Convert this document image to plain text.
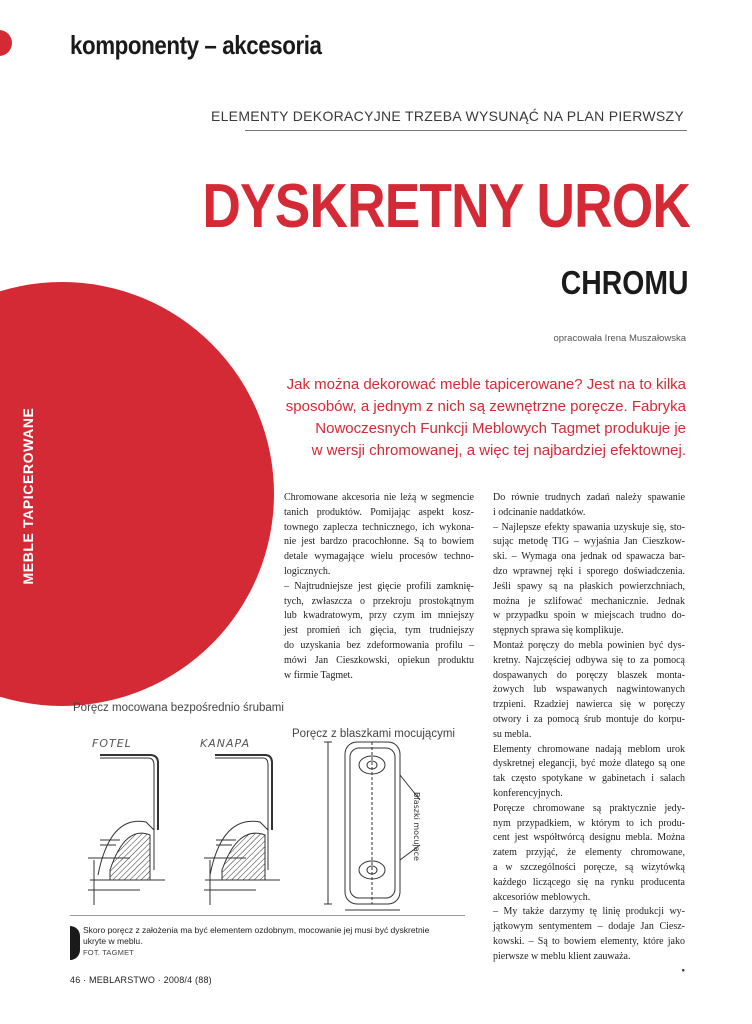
MEBLE TAPICEROWANE
komponenty – akcesoria
ELEMENTY DEKORACYJNE TRZEBA WYSUNĄĆ NA PLAN PIERWSZY
DYSKRETNY UROK
CHROMU
opracowała Irena Muszałowska
Jak można dekorować meble tapicerowane? Jest na to kilka
sposobów, a jednym z nich są zewnętrzne poręcze. Fabryka
Nowoczesnych Funkcji Meblowych Tagmet produkuje je
w wersji chromowanej, a więc tej najbardziej efektownej.
Chromowane akcesoria nie leżą w segmencie
tanich produktów. Pomijając aspekt kosz-
townego zaplecza technicznego, ich wykona-
nie jest bardzo pracochłonne. Są to bowiem
detale wymagające wielu procesów techno-
logicznych.
– Najtrudniejsze jest gięcie profili zamknię-
tych, zwłaszcza o przekroju prostokątnym
lub kwadratowym, przy czym im mniejszy
jest promień ich gięcia, tym trudniejszy
do uzyskania bez zdeformowania profilu –
mówi Jan Cieszkowski, opiekun produktu
w firmie Tagmet.
Do równie trudnych zadań należy spawanie
i odcinanie naddatków.
– Najlepsze efekty spawania uzyskuje się, sto-
sując metodę TIG – wyjaśnia Jan Cieszkow-
ski. – Wymaga ona jednak od spawacza bar-
dzo wprawnej ręki i sporego doświadczenia.
Jeśli spawy są na płaskich powierzchniach,
można je szlifować mechanicznie. Jednak
w przypadku spoin w miejscach trudno do-
stępnych sprawa się komplikuje.
Montaż poręczy do mebla powinien być dys-
kretny. Najczęściej odbywa się to za pomocą
dospawanych do poręczy blaszek monta-
żowych lub wspawanych nagwintowanych
trzpieni. Rzadziej nawierca się w poręczy
otwory i za pomocą śrub montuje do korpu-
su mebla.
Elementy chromowane nadają meblom urok
dyskretnej elegancji, być może dlatego są one
tak często spotykane w gabinetach i salach
konferencyjnych.
Poręcze chromowane są praktycznie jedy-
nym przypadkiem, w którym to ich produ-
cent jest współtwórcą designu mebla. Można
zatem przyjąć, że elementy chromowane,
a w szczególności poręcze, są wizytówką
każdego liczącego się na rynku producenta
akcesoriów meblowych.
– My także darzymy tę linię produkcji wy-
jątkowym sentymentem – dodaje Jan Ciesz-
kowski. – Są to bowiem elementy, które jako
pierwsze w meblu klient zauważa.
•
Poręcz mocowana bezpośrednio śrubami
Poręcz z blaszkami mocującymi
FOTEL	KANAPA
Blaszki mocujące
Skoro poręcz z założenia ma być elementem ozdobnym, mocowanie jej musi być dyskretnie
ukryte w meblu.
FOT. TAGMET
46 · MEBLARSTWO · 2008/4 (88)
